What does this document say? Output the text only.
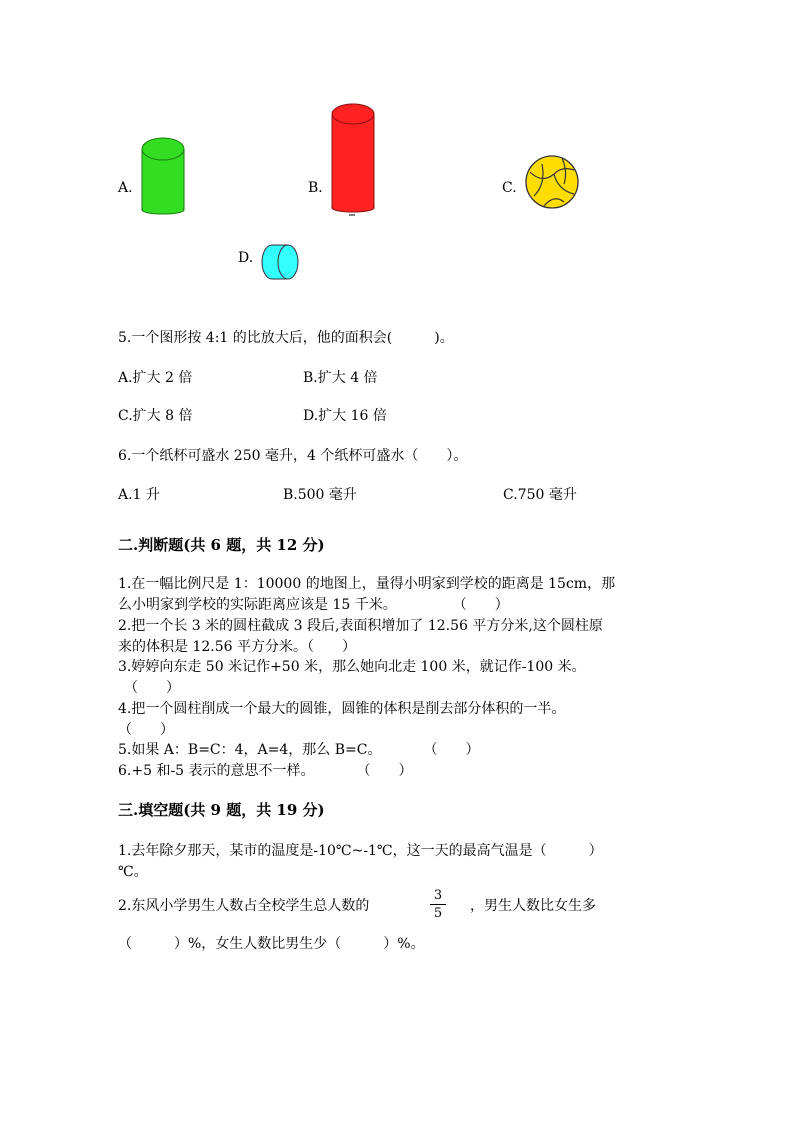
A.	B.	C.
D.
5.一个图形按 4:1 的比放大后，他的面积会(　　　)。
A.扩大 2 倍	B.扩大 4 倍
C.扩大 8 倍	D.扩大 16 倍
6.一个纸杯可盛水 250 毫升，4 个纸杯可盛水（　　）。
A.1 升	B.500 毫升	C.750 毫升
二.判断题(共 6 题，共 12 分)
1.在一幅比例尺是 1：10000 的地图上，量得小明家到学校的距离是 15cm，那
么小明家到学校的实际距离应该是 15 千米。　　　　　（　　）
2.把一个长 3 米的圆柱截成 3 段后,表面积增加了 12.56 平方分米,这个圆柱原
来的体积是 12.56 平方分米。（　　）
3.婷婷向东走 50 米记作+50 米，那么她向北走 100 米，就记作-100 米。
（　　）
4.把一个圆柱削成一个最大的圆锥，圆锥的体积是削去部分体积的一半。
（　　）
5.如果 A：B=C：4，A=4，那么 B=C。　　　　（　　）
6.+5 和-5 表示的意思不一样。　　　　（　　）
三.填空题(共 9 题，共 19 分)
1.去年除夕那天，某市的温度是-10℃~-1℃，这一天的最高气温是（　　　）
℃。
2.东风小学男生人数占全校学生总人数的
3
5	，男生人数比女生多
（　　　）%，女生人数比男生少（　　　）%。
